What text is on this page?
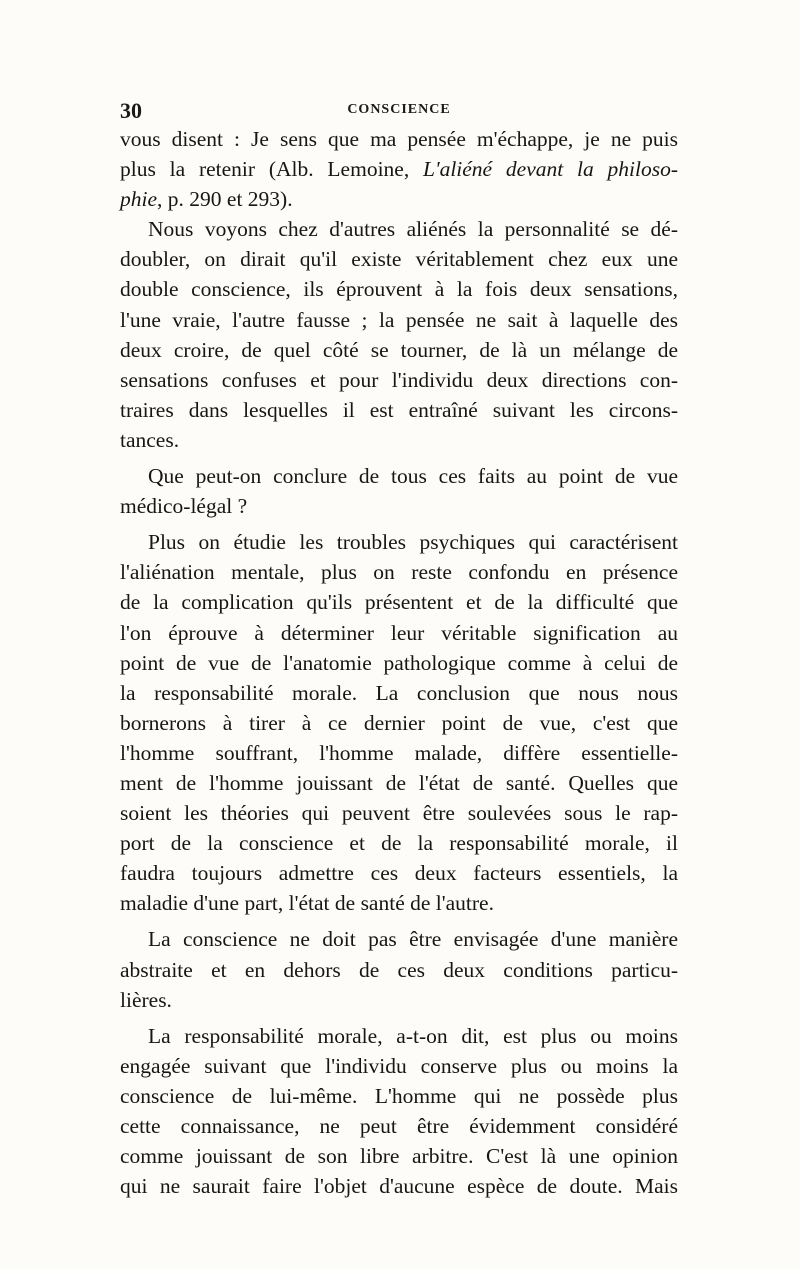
30	CONSCIENCE
vous disent : Je sens que ma pensée m'échappe, je ne puis
plus la retenir (Alb. Lemoine, L'aliéné devant la philoso-
phie, p. 290 et 293).
Nous voyons chez d'autres aliénés la personnalité se dé-
doubler, on dirait qu'il existe véritablement chez eux une
double conscience, ils éprouvent à la fois deux sensations,
l'une vraie, l'autre fausse ; la pensée ne sait à laquelle des
deux croire, de quel côté se tourner, de là un mélange de
sensations confuses et pour l'individu deux directions con-
traires dans lesquelles il est entraîné suivant les circons-
tances.
Que peut-on conclure de tous ces faits au point de vue
médico-légal ?
Plus on étudie les troubles psychiques qui caractérisent
l'aliénation mentale, plus on reste confondu en présence
de la complication qu'ils présentent et de la difficulté que
l'on éprouve à déterminer leur véritable signification au
point de vue de l'anatomie pathologique comme à celui de
la responsabilité morale. La conclusion que nous nous
bornerons à tirer à ce dernier point de vue, c'est que
l'homme souffrant, l'homme malade, diffère essentielle-
ment de l'homme jouissant de l'état de santé. Quelles que
soient les théories qui peuvent être soulevées sous le rap-
port de la conscience et de la responsabilité morale, il
faudra toujours admettre ces deux facteurs essentiels, la
maladie d'une part, l'état de santé de l'autre.
La conscience ne doit pas être envisagée d'une manière
abstraite et en dehors de ces deux conditions particu-
lières.
La responsabilité morale, a-t-on dit, est plus ou moins
engagée suivant que l'individu conserve plus ou moins la
conscience de lui-même. L'homme qui ne possède plus
cette connaissance, ne peut être évidemment considéré
comme jouissant de son libre arbitre. C'est là une opinion
qui ne saurait faire l'objet d'aucune espèce de doute. Mais
